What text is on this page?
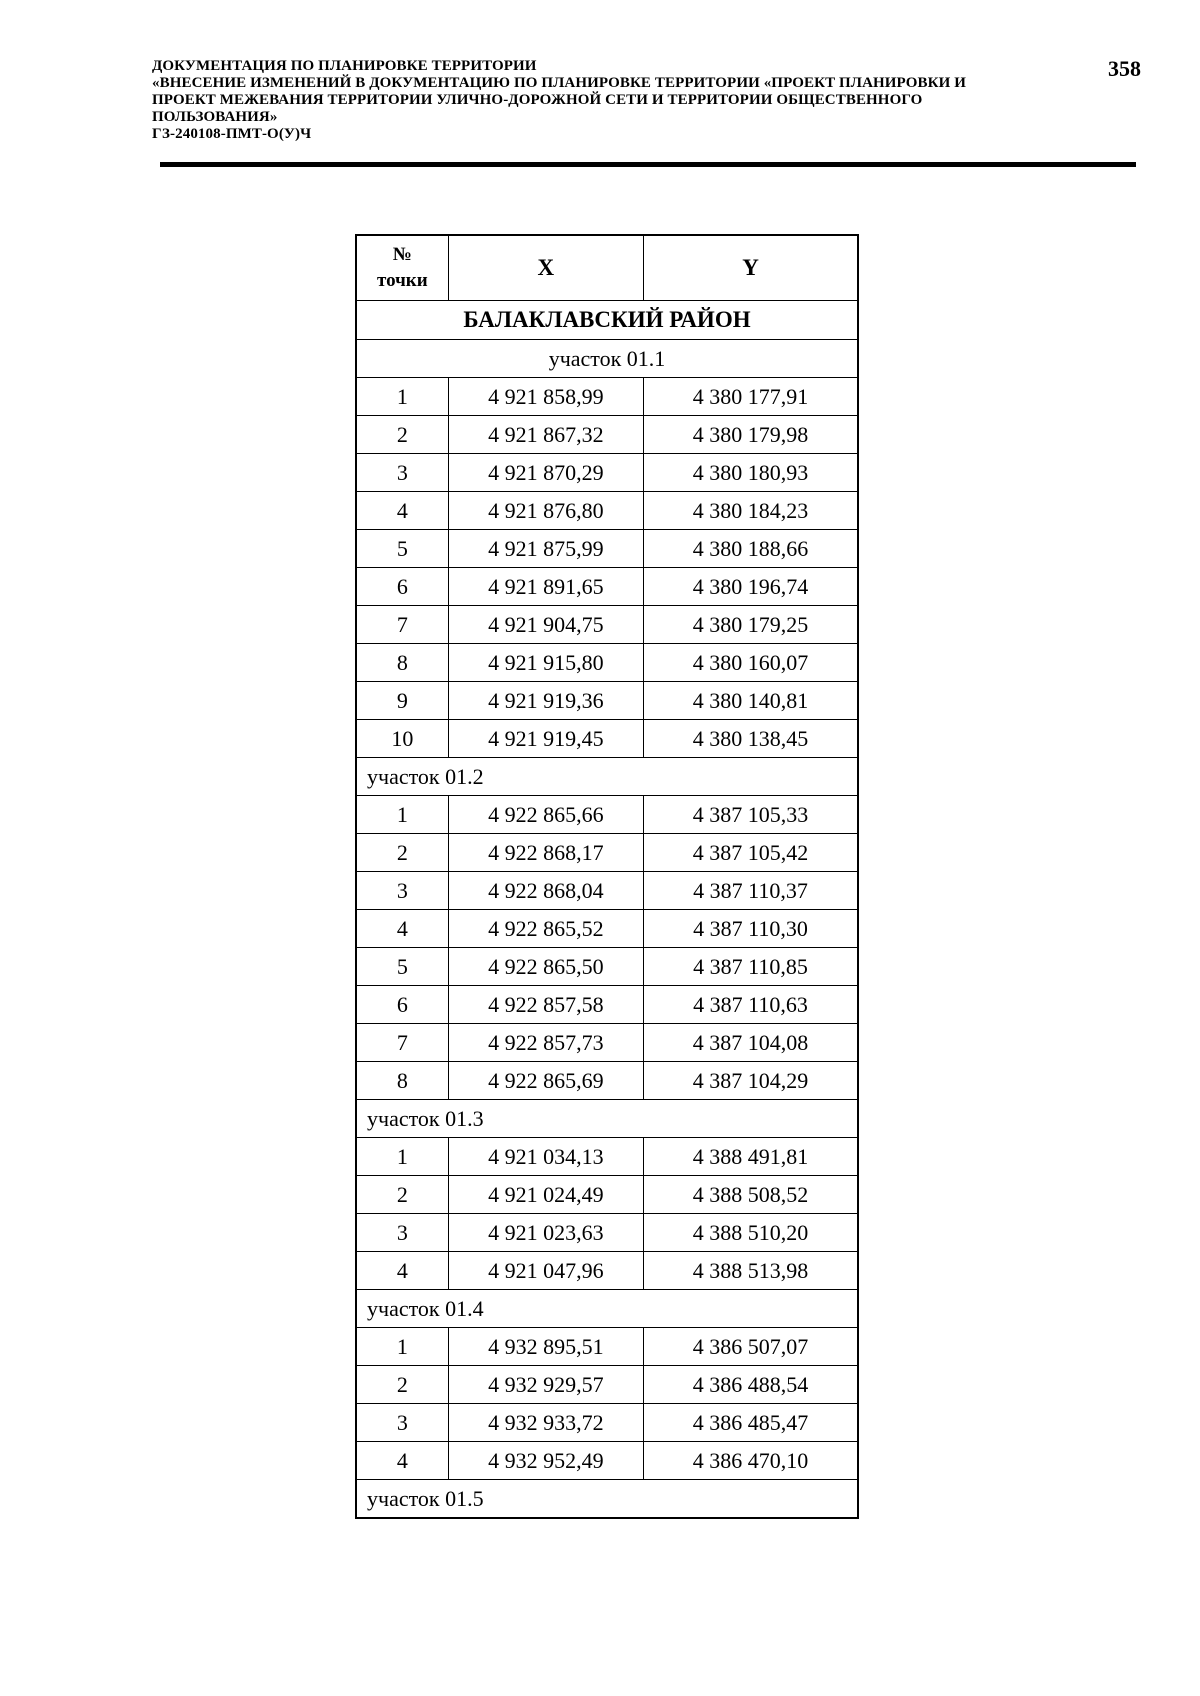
ДОКУМЕНТАЦИЯ ПО ПЛАНИРОВКЕ ТЕРРИТОРИИ
«ВНЕСЕНИЕ ИЗМЕНЕНИЙ В ДОКУМЕНТАЦИЮ ПО ПЛАНИРОВКЕ ТЕРРИТОРИИ «ПРОЕКТ ПЛАНИРОВКИ И
ПРОЕКТ МЕЖЕВАНИЯ ТЕРРИТОРИИ УЛИЧНО-ДОРОЖНОЙ СЕТИ И ТЕРРИТОРИИ ОБЩЕСТВЕННОГО
ПОЛЬЗОВАНИЯ»
ГЗ-240108-ПМТ-О(У)Ч
358
№
точки	X	Y
БАЛАКЛАВСКИЙ РАЙОН		
участок 01.1		
1	4 921 858,99	4 380 177,91
2	4 921 867,32	4 380 179,98
3	4 921 870,29	4 380 180,93
4	4 921 876,80	4 380 184,23
5	4 921 875,99	4 380 188,66
6	4 921 891,65	4 380 196,74
7	4 921 904,75	4 380 179,25
8	4 921 915,80	4 380 160,07
9	4 921 919,36	4 380 140,81
10	4 921 919,45	4 380 138,45
участок 01.2		
1	4 922 865,66	4 387 105,33
2	4 922 868,17	4 387 105,42
3	4 922 868,04	4 387 110,37
4	4 922 865,52	4 387 110,30
5	4 922 865,50	4 387 110,85
6	4 922 857,58	4 387 110,63
7	4 922 857,73	4 387 104,08
8	4 922 865,69	4 387 104,29
участок 01.3		
1	4 921 034,13	4 388 491,81
2	4 921 024,49	4 388 508,52
3	4 921 023,63	4 388 510,20
4	4 921 047,96	4 388 513,98
участок 01.4		
1	4 932 895,51	4 386 507,07
2	4 932 929,57	4 386 488,54
3	4 932 933,72	4 386 485,47
4	4 932 952,49	4 386 470,10
участок 01.5		
